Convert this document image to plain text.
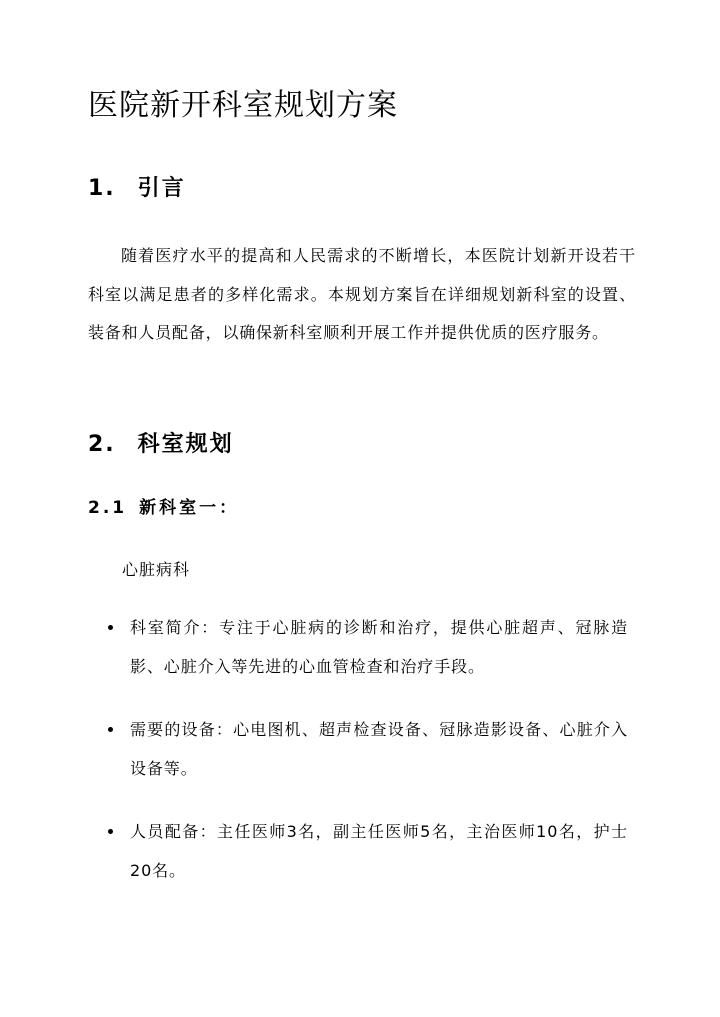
医院新开科室规划方案
1. 引言

随着医疗水平的提高和人民需求的不断增长，本医院计划新开设若干科室以满足患者的多样化需求。本规划方案旨在详细规划新科室的设置、装备和人员配备，以确保新科室顺利开展工作并提供优质的医疗服务。

2. 科室规划
2.1 新科室一：

心脏病科

科室简介：专注于心脏病的诊断和治疗，提供心脏超声、冠脉造影、心脏介入等先进的心血管检查和治疗手段。
需要的设备：心电图机、超声检查设备、冠脉造影设备、心脏介入设备等。
人员配备：主任医师3名，副主任医师5名，主治医师10名，护士20名。
